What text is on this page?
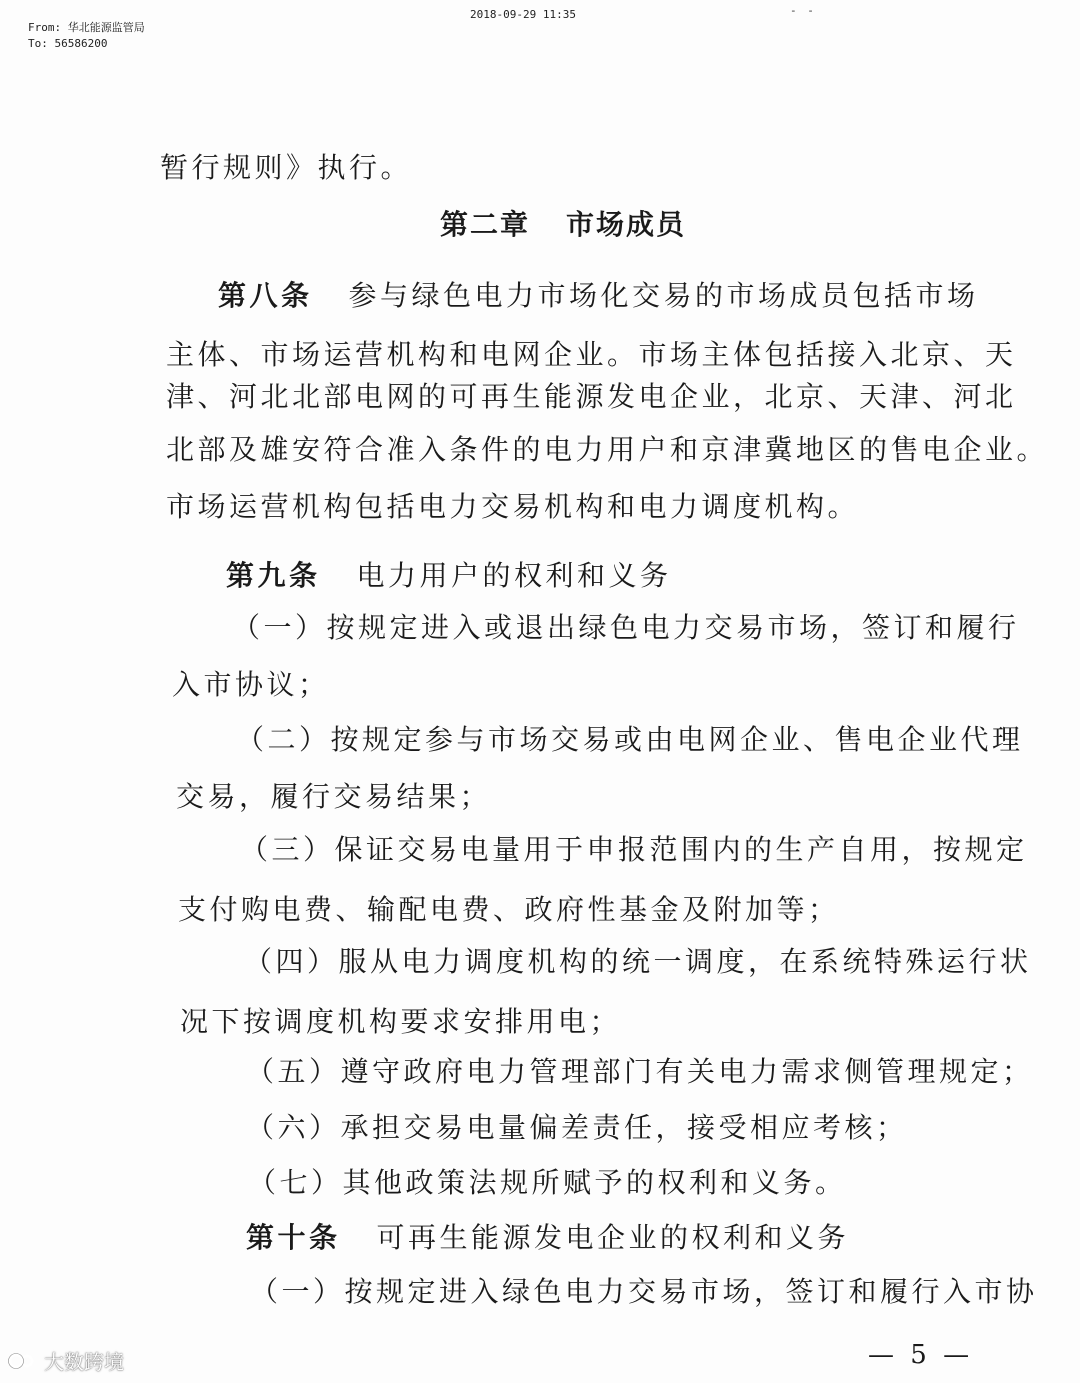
From: 华北能源监管局
To: 56586200
2018-09-29 11:35	- -
暂行规则》执行。
第二章 市场成员
第八条 参与绿色电力市场化交易的市场成员包括市场
主体、市场运营机构和电网企业。市场主体包括接入北京、天
津、河北北部电网的可再生能源发电企业，北京、天津、河北
北部及雄安符合准入条件的电力用户和京津冀地区的售电企业。
市场运营机构包括电力交易机构和电力调度机构。
第九条 电力用户的权利和义务
（一）按规定进入或退出绿色电力交易市场，签订和履行
入市协议；
（二）按规定参与市场交易或由电网企业、售电企业代理
交易，履行交易结果；
（三）保证交易电量用于申报范围内的生产自用，按规定
支付购电费、输配电费、政府性基金及附加等；
（四）服从电力调度机构的统一调度，在系统特殊运行状
况下按调度机构要求安排用电；
（五）遵守政府电力管理部门有关电力需求侧管理规定；
（六）承担交易电量偏差责任，接受相应考核；
（七）其他政策法规所赋予的权利和义务。
第十条 可再生能源发电企业的权利和义务
（一）按规定进入绿色电力交易市场，签订和履行入市协
大数跨境	— 5 —
